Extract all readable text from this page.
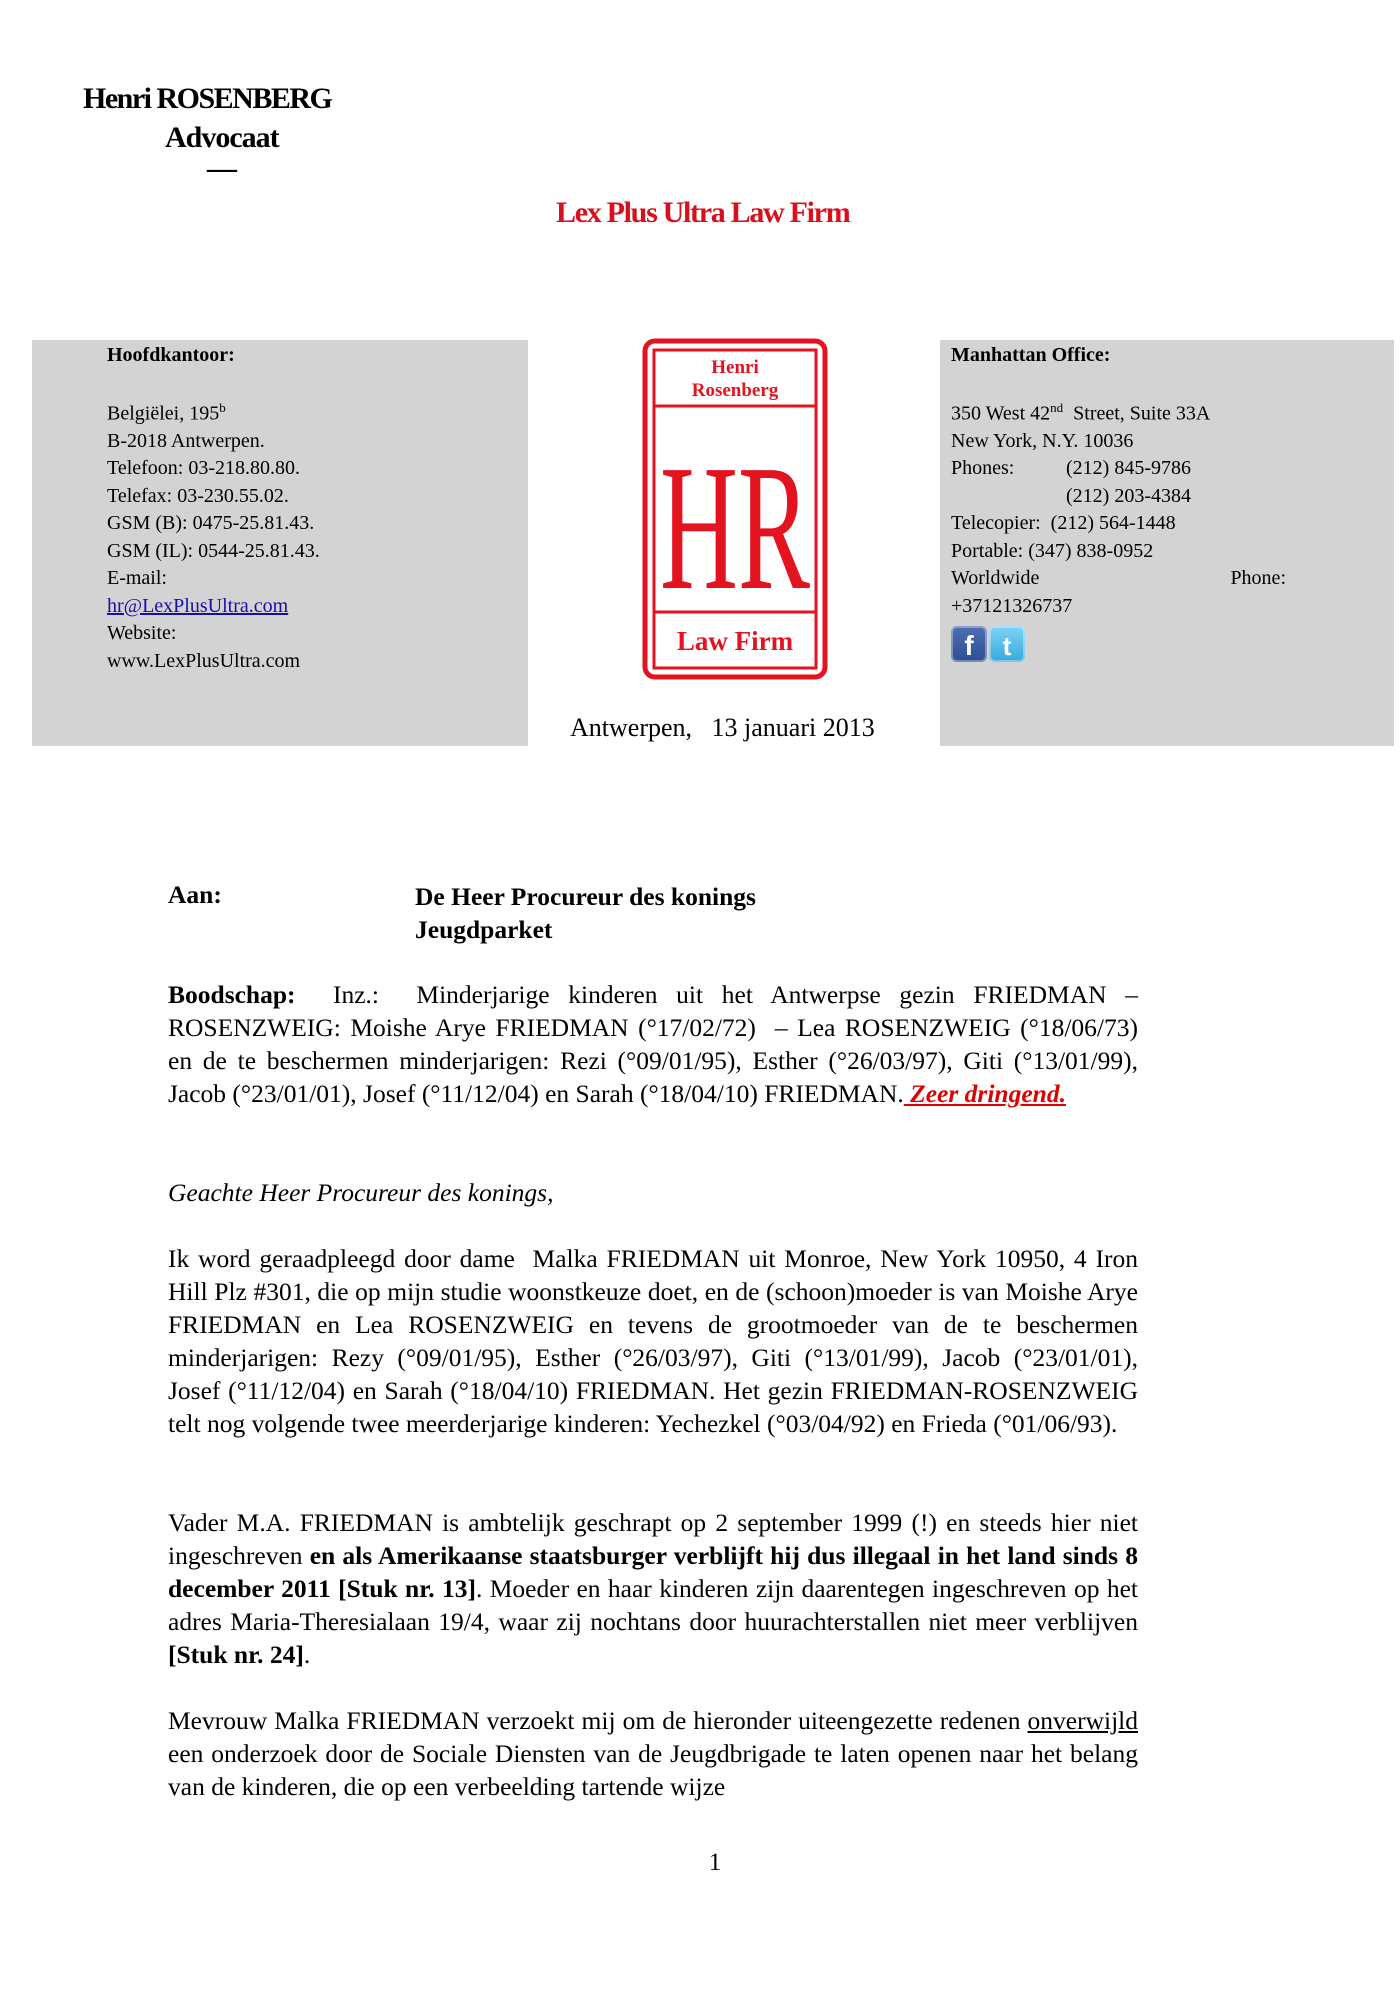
Henri ROSENBERG
Advocaat
—
Lex Plus Ultra Law Firm
Hoofdkantoor:
Belgiëlei, 195$^b$
B-2018 Antwerpen.
Telefoon: 03-218.80.80.
Telefax: 03-230.55.02.
GSM (B): 0475-25.81.43.
GSM (IL): 0544-25.81.43.
E-mail:
hr@LexPlusUltra.com
Website:
www.LexPlusUltra.com
Henri
Rosenberg
HR
Law Firm
Manhattan Office:
350 West 42nd  Street, Suite 33A
New York, N.Y. 10036
Phones:	(212) 845-9786
(212) 203-4384
Telecopier:  (212) 564-1448
Portable: (347) 838-0952
Worldwide	Phone:
+37121326737
f	t
Antwerpen,   13 januari 2013
Aan:	De Heer Procureur des konings
Jeugdparket
Boodschap:  Inz.:  Minderjarige kinderen uit het Antwerpse gezin FRIEDMAN – ROSENZWEIG: Moishe Arye FRIEDMAN (°17/02/72)  – Lea ROSENZWEIG (°18/06/73) en de te beschermen minderjarigen: Rezi (°09/01/95), Esther (°26/03/97), Giti (°13/01/99), Jacob (°23/01/01), Josef (°11/12/04) en Sarah (°18/04/10) FRIEDMAN. Zeer dringend.
Geachte Heer Procureur des konings,
Ik word geraadpleegd door dame  Malka FRIEDMAN uit Monroe, New York 10950, 4 Iron Hill Plz #301, die op mijn studie woonstkeuze doet, en de (schoon)moeder is van Moishe Arye FRIEDMAN en Lea ROSENZWEIG en tevens de grootmoeder van de te beschermen minderjarigen: Rezy (°09/01/95), Esther (°26/03/97), Giti (°13/01/99), Jacob (°23/01/01), Josef (°11/12/04) en Sarah (°18/04/10) FRIEDMAN. Het gezin FRIEDMAN-ROSENZWEIG telt nog volgende twee meerderjarige kinderen: Yechezkel (°03/04/92) en Frieda (°01/06/93).
Vader M.A. FRIEDMAN is ambtelijk geschrapt op 2 september 1999 (!) en steeds hier niet ingeschreven en als Amerikaanse staatsburger verblijft hij dus illegaal in het land sinds 8 december 2011 [Stuk nr. 13]. Moeder en haar kinderen zijn daarentegen ingeschreven op het adres Maria-Theresialaan 19/4, waar zij nochtans door huurachterstallen niet meer verblijven [Stuk nr. 24].
Mevrouw Malka FRIEDMAN verzoekt mij om de hieronder uiteengezette redenen onverwijld een onderzoek door de Sociale Diensten van de Jeugdbrigade te laten openen naar het belang van de kinderen, die op een verbeelding tartende wijze
1
